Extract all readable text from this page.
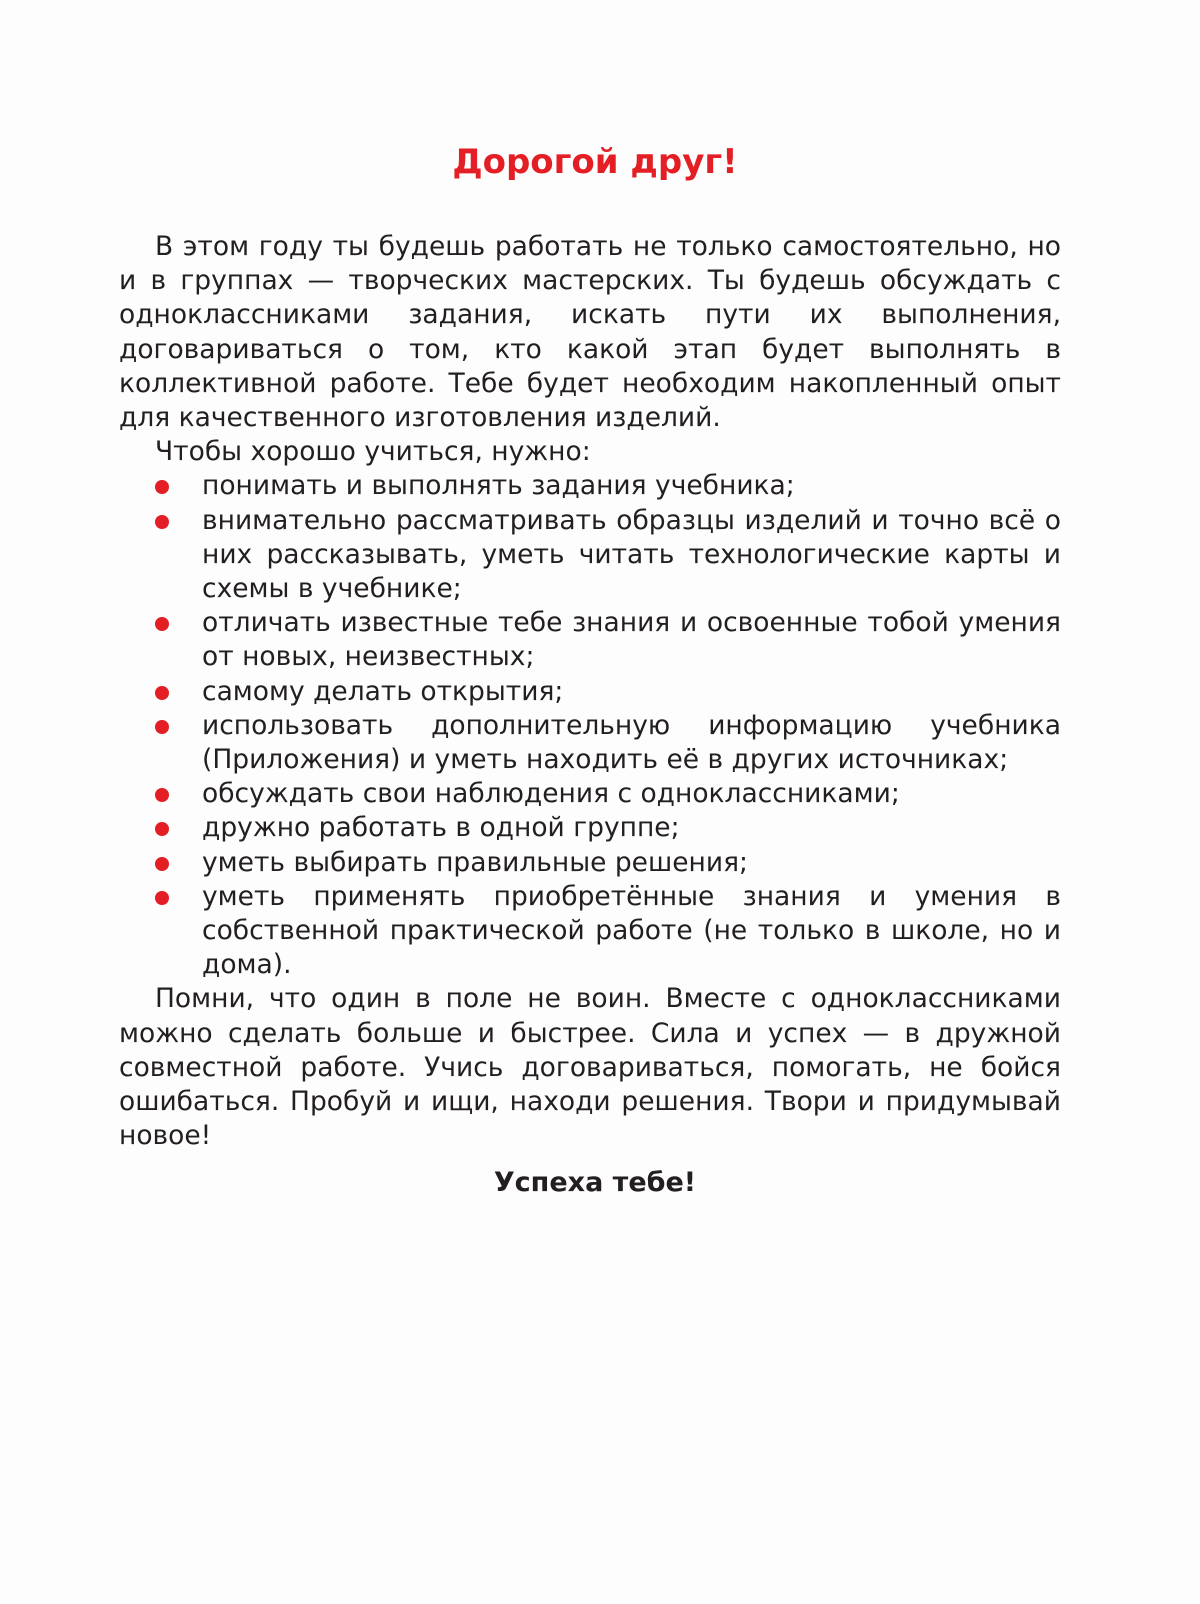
Дорогой друг!

В этом году ты будешь работать не только самостоятельно, но и в группах — творческих мастерских. Ты будешь обсуждать с одноклассниками задания, искать пути их выполнения, договариваться о том, кто какой этап будет выполнять в коллективной работе. Тебе будет необходим накопленный опыт для качественного изготовления изделий.

Чтобы хорошо учиться, нужно:

понимать и выполнять задания учебника;
внимательно рассматривать образцы изделий и точно всё о них рассказывать, уметь читать технологические карты и схемы в учебнике;
отличать известные тебе знания и освоенные тобой умения от новых, неизвестных;
самому делать открытия;
использовать дополнительную информацию учебника (Приложения) и уметь находить её в других источниках;
обсуждать свои наблюдения с одноклассниками;
дружно работать в одной группе;
уметь выбирать правильные решения;
уметь применять приобретённые знания и умения в собственной практической работе (не только в школе, но и дома).

Помни, что один в поле не воин. Вместе с одноклассниками можно сделать больше и быстрее. Сила и успех — в дружной совместной работе. Учись договариваться, помогать, не бойся ошибаться. Пробуй и ищи, находи решения. Твори и придумывай новое!

Успеха тебе!
